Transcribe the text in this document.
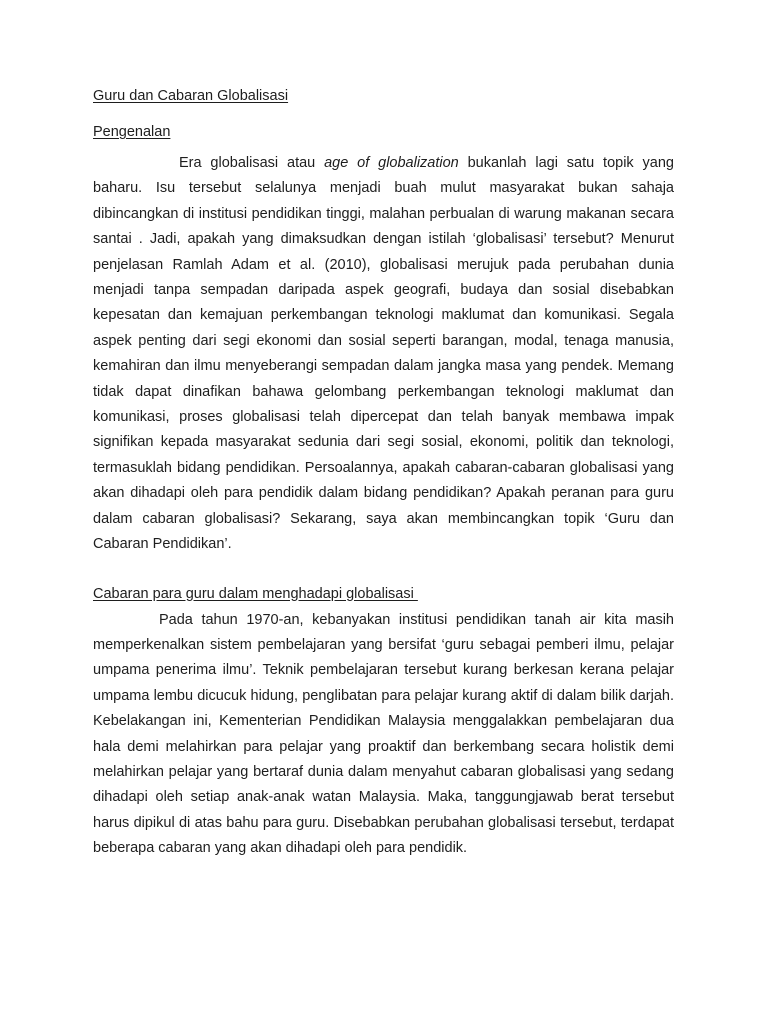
Guru dan Cabaran Globalisasi
Pengenalan

Era globalisasi atau age of globalization bukanlah lagi satu topik yang baharu. Isu tersebut selalunya menjadi buah mulut masyarakat bukan sahaja dibincangkan di institusi pendidikan tinggi, malahan perbualan di warung makanan secara santai . Jadi, apakah yang dimaksudkan dengan istilah ‘globalisasi’ tersebut? Menurut penjelasan Ramlah Adam et al. (2010), globalisasi merujuk pada perubahan dunia menjadi tanpa sempadan daripada aspek geografi, budaya dan sosial disebabkan kepesatan dan kemajuan perkembangan teknologi maklumat dan komunikasi. Segala aspek penting dari segi ekonomi dan sosial seperti barangan, modal, tenaga manusia, kemahiran dan ilmu menyeberangi sempadan dalam jangka masa yang pendek. Memang tidak dapat dinafikan bahawa gelombang perkembangan teknologi maklumat dan komunikasi, proses globalisasi telah dipercepat dan telah banyak membawa impak signifikan kepada masyarakat sedunia dari segi sosial, ekonomi, politik dan teknologi, termasuklah bidang pendidikan. Persoalannya, apakah cabaran-cabaran globalisasi yang akan dihadapi oleh para pendidik dalam bidang pendidikan? Apakah peranan para guru dalam cabaran globalisasi? Sekarang, saya akan membincangkan topik ‘Guru dan Cabaran Pendidikan’.

Cabaran para guru dalam menghadapi globalisasi

Pada tahun 1970-an, kebanyakan institusi pendidikan tanah air kita masih memperkenalkan sistem pembelajaran yang bersifat ‘guru sebagai pemberi ilmu, pelajar umpama penerima ilmu’. Teknik pembelajaran tersebut kurang berkesan kerana pelajar umpama lembu dicucuk hidung, penglibatan para pelajar kurang aktif di dalam bilik darjah. Kebelakangan ini, Kementerian Pendidikan Malaysia menggalakkan pembelajaran dua hala demi melahirkan para pelajar yang proaktif dan berkembang secara holistik demi melahirkan pelajar yang bertaraf dunia dalam menyahut cabaran globalisasi yang sedang dihadapi oleh setiap anak-anak watan Malaysia. Maka, tanggungjawab berat tersebut harus dipikul di atas bahu para guru. Disebabkan perubahan globalisasi tersebut, terdapat beberapa cabaran yang akan dihadapi oleh para pendidik.
